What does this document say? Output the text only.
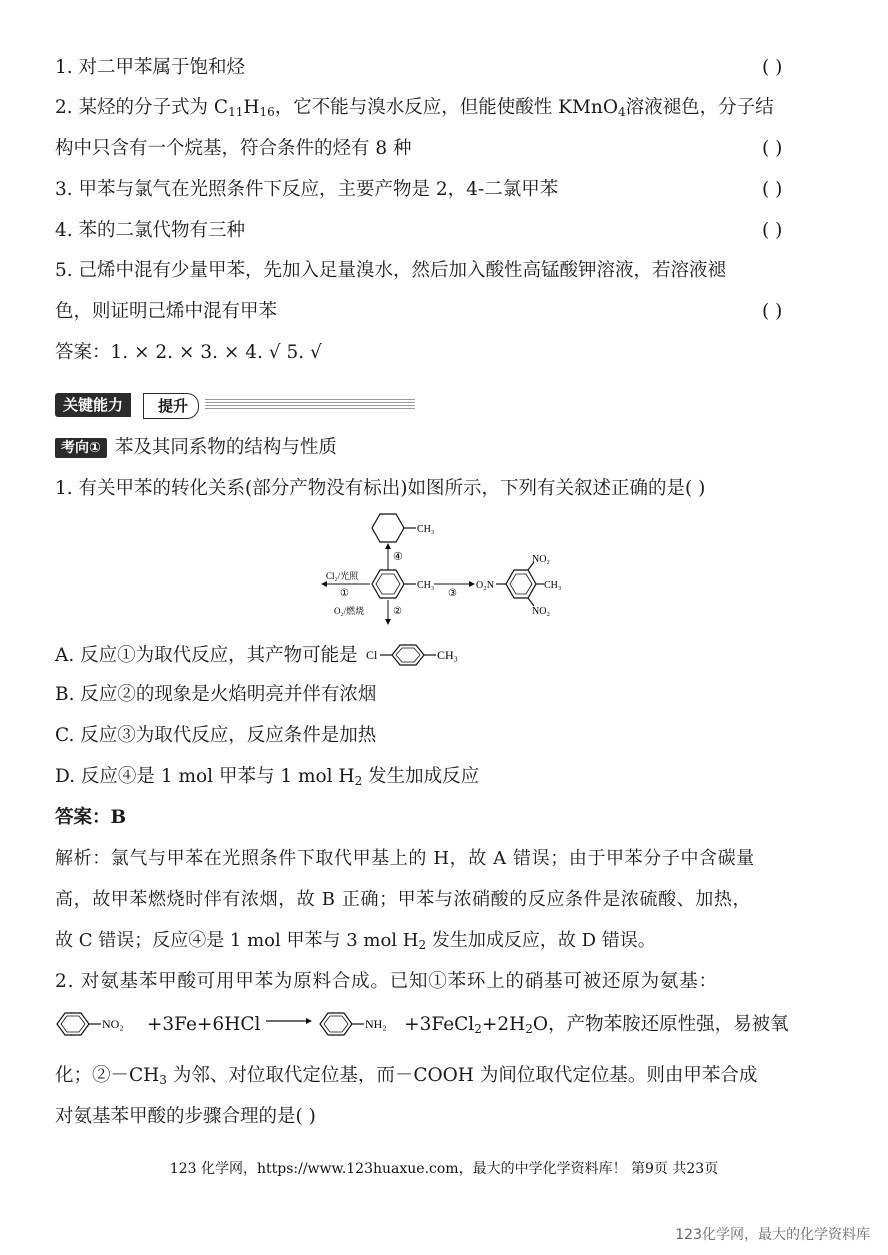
1. 对二甲苯属于饱和烃	( )
2. 某烃的分子式为 $C_{11}H_{16}$，它不能与溴水反应，但能使酸性 KMnO$_4$溶液褪色，分子结
构中只含有一个烷基，符合条件的烃有 8 种	( )
3. 甲苯与氯气在光照条件下反应，主要产物是 2，4-二氯甲苯	( )
4. 苯的二氯代物有三种	( )
5. 己烯中混有少量甲苯，先加入足量溴水，然后加入酸性高锰酸钾溶液，若溶液褪
色，则证明己烯中混有甲苯	( )
答案：1. × 2. × 3. × 4. √ 5. √
提升
关键能力
考向① 苯及其同系物的结构与性质
1. 有关甲苯的转化关系(部分产物没有标出)如图所示，下列有关叙述正确的是( )
CH₃
④
CH₃
Cl₂/光照
①
O₂/燃烧	②
③
O₂N
NO₂
CH₃
NO₂
A. 反应①为取代反应，其产物可能是 Cl	CH₃
B. 反应②的现象是火焰明亮并伴有浓烟
C. 反应③为取代反应，反应条件是加热
D. 反应④是 1 mol 甲苯与 1 mol $H_2$ 发生加成反应
答案：B
解析：氯气与甲苯在光照条件下取代甲基上的 H，故 A 错误；由于甲苯分子中含碳量
高，故甲苯燃烧时伴有浓烟，故 B 正确；甲苯与浓硝酸的反应条件是浓硫酸、加热，
故 C 错误；反应④是 1 mol 甲苯与 3 mol $H_2$ 发生加成反应，故 D 错误。
2. 对氨基苯甲酸可用甲苯为原料合成。已知①苯环上的硝基可被还原为氨基：
NO₂ +3Fe+6HCl →	$NH_2 +3FeCl_2+2H_2O$，产物苯胺还原性强，易被氧
化；$②-CH_3$ 为邻、对位取代定位基，而－COOH 为间位取代定位基。则由甲苯合成
对氨基苯甲酸的步骤合理的是( )
123 化学网，https://www.123huaxue.com，最大的中学化学资料库！ 第9页 共23页
123化学网，最大的化学资料库
